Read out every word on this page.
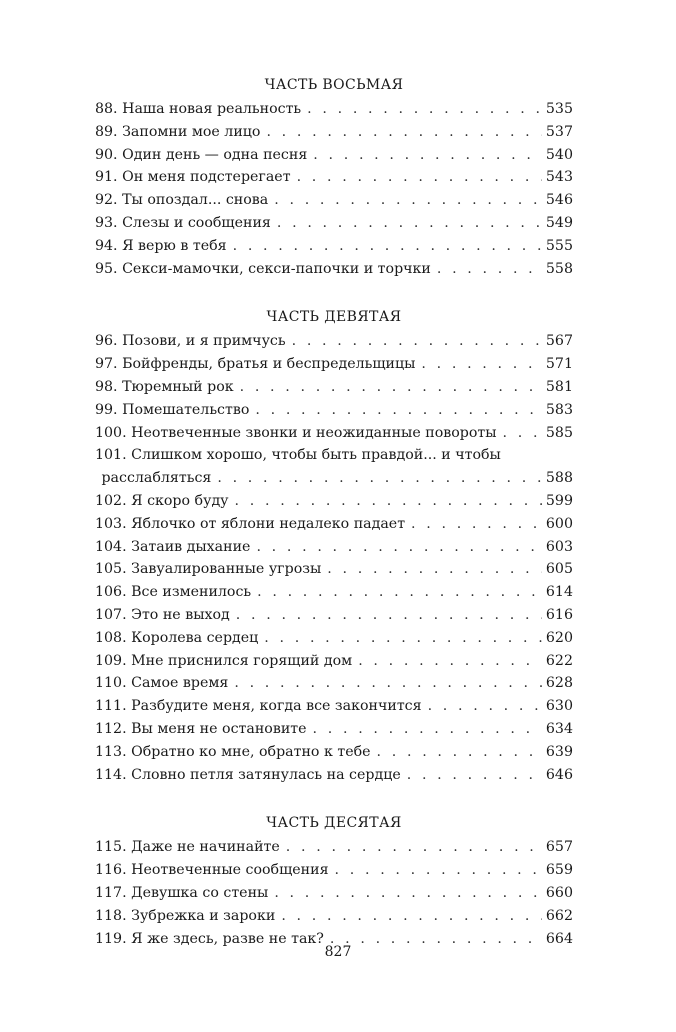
ЧАСТЬ ВОСЬМАЯ
88. Наша новая реальность . . .	535
89. Запомни мое лицо . . .	537
90. Один день — одна песня . . .	540
91. Он меня подстерегает . . .	543
92. Ты опоздал... снова . . .	546
93. Слезы и сообщения . . .	549
94. Я верю в тебя . . .	555
95. Секси-мамочки, секси-папочки и торчки . . .	558
ЧАСТЬ ДЕВЯТАЯ
96. Позови, и я примчусь . . .	567
97. Бойфренды, братья и беспредельщицы . . .	571
98. Тюремный рок . . .	581
99. Помешательство . . .	583
100. Неотвеченные звонки и неожиданные повороты . . .	585
101. Слишком хорошо, чтобы быть правдой... и чтобы
расслабляться . . .	588
102. Я скоро буду . . .	599
103. Яблочко от яблони недалеко падает . . .	600
104. Затаив дыхание . . .	603
105. Завуалированные угрозы . . .	605
106. Все изменилось . . .	614
107. Это не выход . . .	616
108. Королева сердец . . .	620
109. Мне приснился горящий дом . . .	622
110. Самое время . . .	628
111. Разбудите меня, когда все закончится . . .	630
112. Вы меня не остановите . . .	634
113. Обратно ко мне, обратно к тебе . . .	639
114. Словно петля затянулась на сердце . . .	646
ЧАСТЬ ДЕСЯТАЯ
115. Даже не начинайте . . .	657
116. Неотвеченные сообщения . . .	659
117. Девушка со стены . . .	660
118. Зубрежка и зароки . . .	662
119. Я же здесь, разве не так? . . .	664
827
